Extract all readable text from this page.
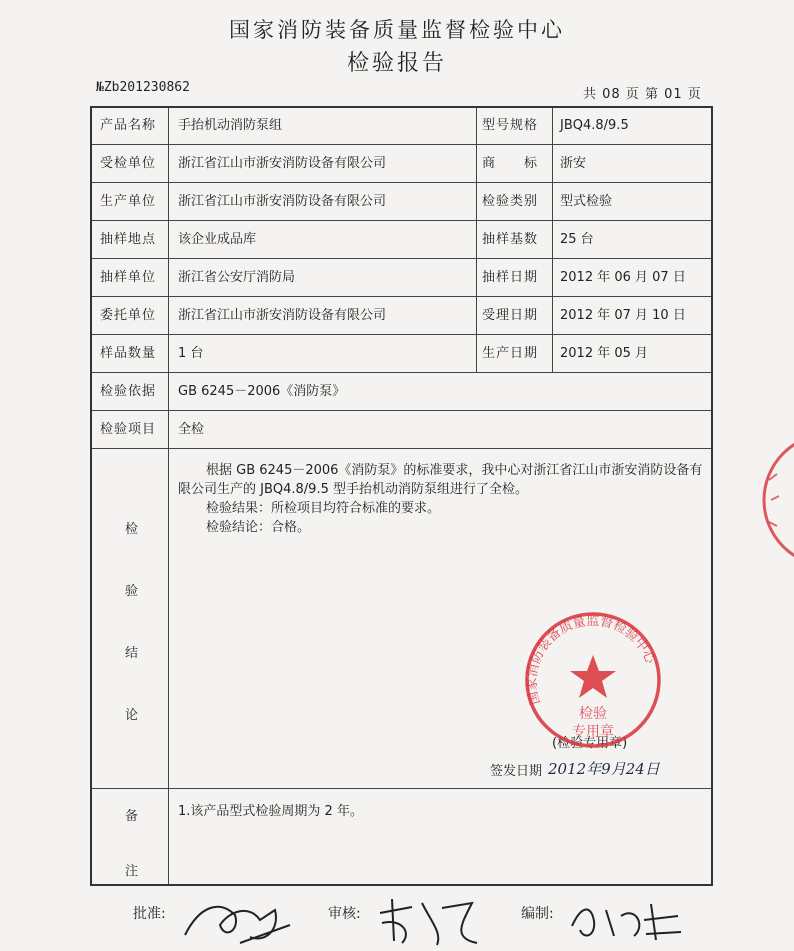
国家消防装备质量监督检验中心
检验报告
№Zb201230862	共 08 页 第 01 页
产品名称 手抬机动消防泵组	型号规格 JBQ4.8/9.5
受检单位 浙江省江山市浙安消防设备有限公司	商　　标 浙安
生产单位 浙江省江山市浙安消防设备有限公司	检验类别 型式检验
抽样地点 该企业成品库	抽样基数 25 台
抽样单位 浙江省公安厅消防局	抽样日期 2012 年 06 月 07 日
委托单位 浙江省江山市浙安消防设备有限公司	受理日期 2012 年 07 月 10 日
样品数量 1 台	生产日期 2012 年 05 月
检验依据 GB 6245－2006《消防泵》
检验项目 全检
检
验
结
论

根据 GB 6245－2006《消防泵》的标准要求，我中心对浙江省江山市浙安消防设备有限公司生产的 JBQ4.8/9.5 型手抬机动消防泵组进行了全检。

检验结果：所检项目均符合标准的要求。

检验结论：合格。

(检验专用章)
签发日期 2012年9月24日
备
注
1.该产品型式检验周期为 2 年。
国家消防装备质量监督检验中心
检验
专用章
批准:	审核:	编制:
